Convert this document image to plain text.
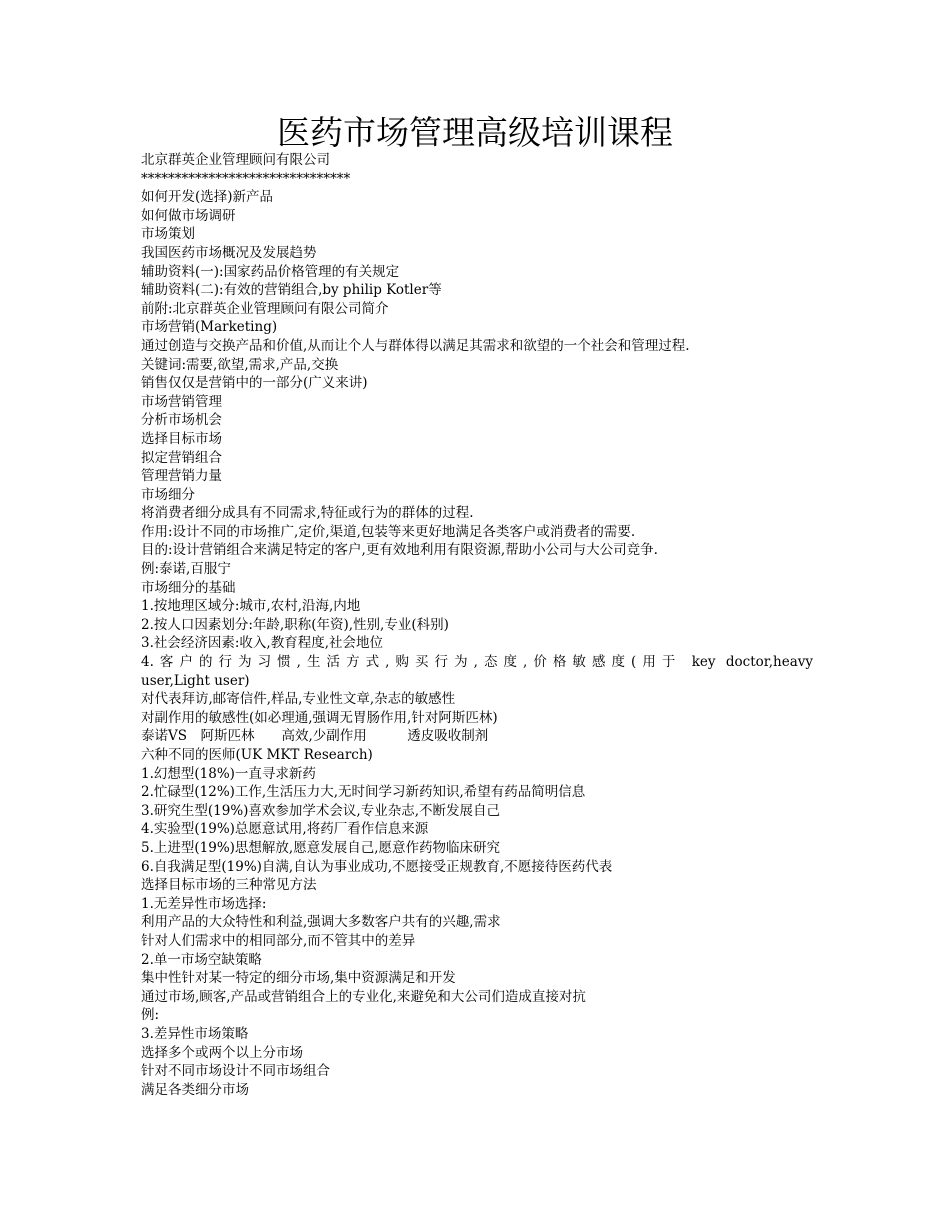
医药市场管理高级培训课程
北京群英企业管理顾问有限公司
*******************************
如何开发(选择)新产品
如何做市场调研
市场策划
我国医药市场概况及发展趋势
辅助资料(一):国家药品价格管理的有关规定
辅助资料(二):有效的营销组合,by philip Kotler等
前附:北京群英企业管理顾问有限公司简介
市场营销(Marketing)
通过创造与交换产品和价值,从而让个人与群体得以满足其需求和欲望的一个社会和管理过程.
关键词:需要,欲望,需求,产品,交换
销售仅仅是营销中的一部分(广义来讲)
市场营销管理
分析市场机会
选择目标市场
拟定营销组合
管理营销力量
市场细分
将消费者细分成具有不同需求,特征或行为的群体的过程.
作用:设计不同的市场推广,定价,渠道,包装等来更好地满足各类客户或消费者的需要.
目的:设计营销组合来满足特定的客户,更有效地利用有限资源,帮助小公司与大公司竞争.
例:泰诺,百服宁
市场细分的基础
1.按地理区域分:城市,农村,沿海,内地
2.按人口因素划分:年龄,职称(年资),性别,专业(科别)
3.社会经济因素:收入,教育程度,社会地位
4.客户的行为习惯,生活方式,购买行为,态度,价格敏感度(用于 key doctor,heavy
user,Light user)
对代表拜访,邮寄信件,样品,专业性文章,杂志的敏感性
对副作用的敏感性(如必理通,强调无胃肠作用,针对阿斯匹林)
泰诺VS　阿斯匹林　　高效,少副作用　　　透皮吸收制剂
六种不同的医师(UK MKT Research)
1.幻想型(18%)一直寻求新药
2.忙碌型(12%)工作,生活压力大,无时间学习新药知识,希望有药品简明信息
3.研究生型(19%)喜欢参加学术会议,专业杂志,不断发展自己
4.实验型(19%)总愿意试用,将药厂看作信息来源
5.上进型(19%)思想解放,愿意发展自己,愿意作药物临床研究
6.自我满足型(19%)自满,自认为事业成功,不愿接受正规教育,不愿接待医药代表
选择目标市场的三种常见方法
1.无差异性市场选择:
利用产品的大众特性和利益,强调大多数客户共有的兴趣,需求
针对人们需求中的相同部分,而不管其中的差异
2.单一市场空缺策略
集中性针对某一特定的细分市场,集中资源满足和开发
通过市场,顾客,产品或营销组合上的专业化,来避免和大公司们造成直接对抗
例:
3.差异性市场策略
选择多个或两个以上分市场
针对不同市场设计不同市场组合
满足各类细分市场
